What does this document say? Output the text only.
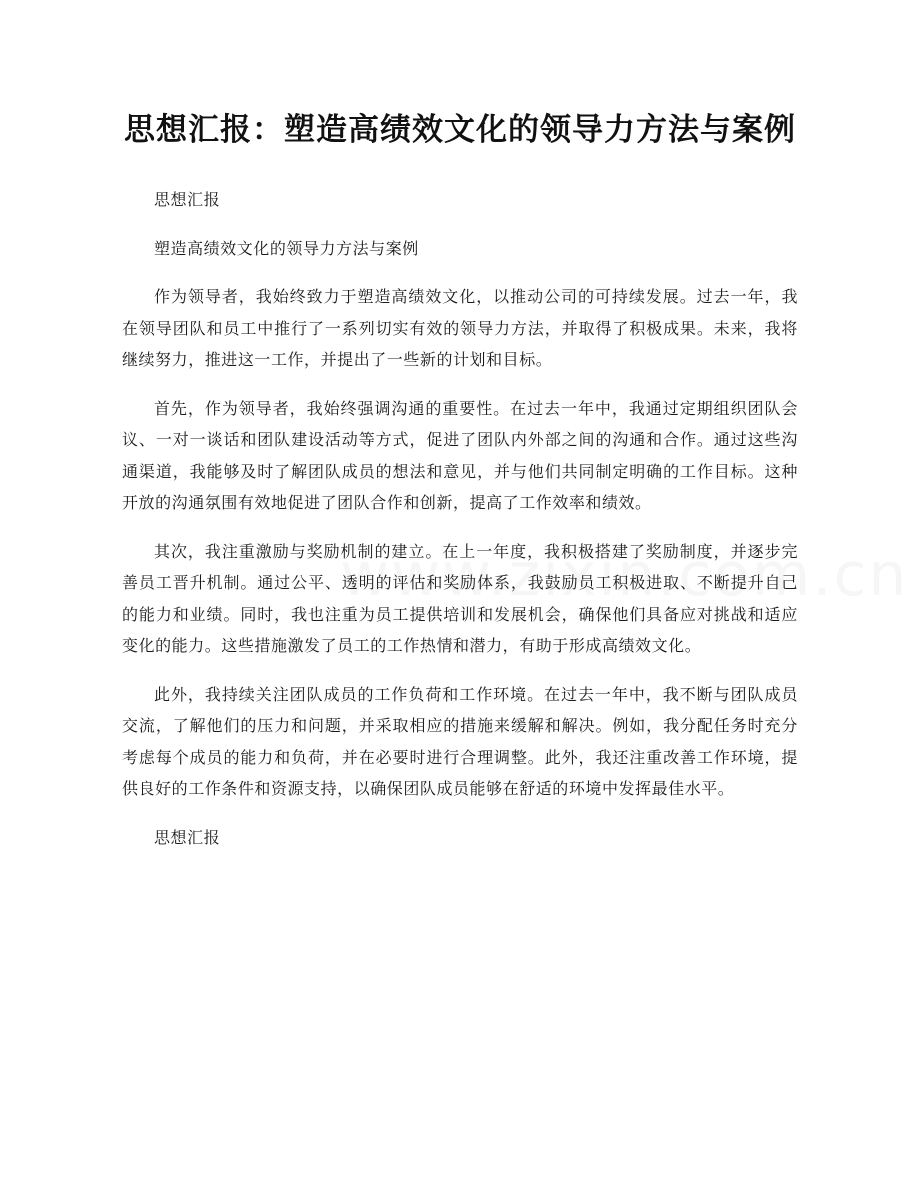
思想汇报：塑造高绩效文化的领导力方法与案例

思想汇报

塑造高绩效文化的领导力方法与案例

作为领导者，我始终致力于塑造高绩效文化，以推动公司的可持续发展。过去一年，我在领导团队和员工中推行了一系列切实有效的领导力方法，并取得了积极成果。未来，我将继续努力，推进这一工作，并提出了一些新的计划和目标。

首先，作为领导者，我始终强调沟通的重要性。在过去一年中，我通过定期组织团队会议、一对一谈话和团队建设活动等方式，促进了团队内外部之间的沟通和合作。通过这些沟通渠道，我能够及时了解团队成员的想法和意见，并与他们共同制定明确的工作目标。这种开放的沟通氛围有效地促进了团队合作和创新，提高了工作效率和绩效。

其次，我注重激励与奖励机制的建立。在上一年度，我积极搭建了奖励制度，并逐步完善员工晋升机制。通过公平、透明的评估和奖励体系，我鼓励员工积极进取、不断提升自己的能力和业绩。同时，我也注重为员工提供培训和发展机会，确保他们具备应对挑战和适应变化的能力。这些措施激发了员工的工作热情和潜力，有助于形成高绩效文化。

此外，我持续关注团队成员的工作负荷和工作环境。在过去一年中，我不断与团队成员交流，了解他们的压力和问题，并采取相应的措施来缓解和解决。例如，我分配任务时充分考虑每个成员的能力和负荷，并在必要时进行合理调整。此外，我还注重改善工作环境，提供良好的工作条件和资源支持，以确保团队成员能够在舒适的环境中发挥最佳水平。

思想汇报
